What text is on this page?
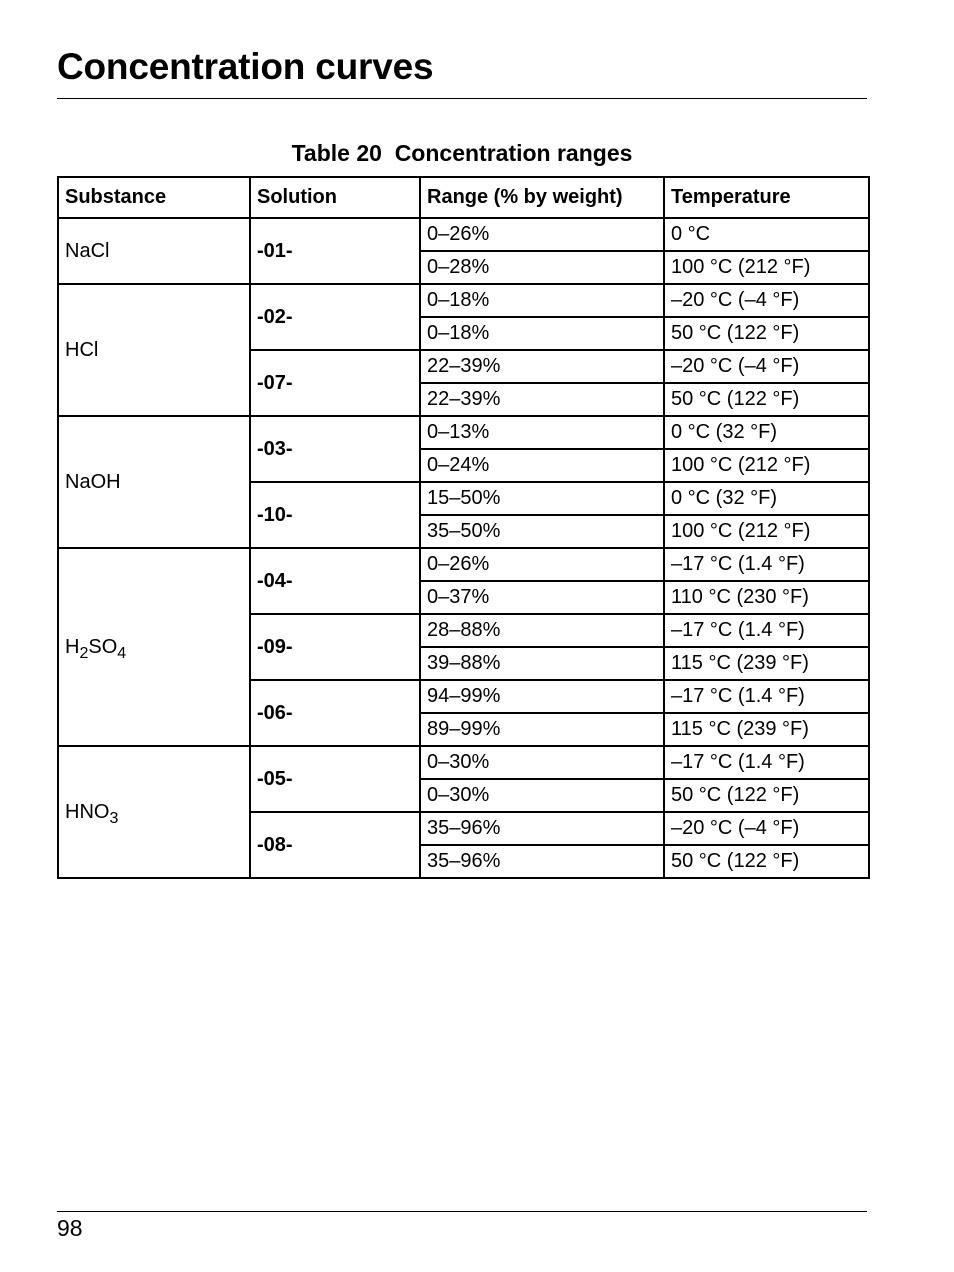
Concentration curves
Table 20  Concentration ranges
Substance	Solution	Range (% by weight)	Temperature
NaCl	-01-	0–26%	0 °C
		0–28%	100 °C (212 °F)
HCl	-02-	0–18%	–20 °C (–4 °F)
		0–18%	50 °C (122 °F)
	-07-	22–39%	–20 °C (–4 °F)
		22–39%	50 °C (122 °F)
NaOH	-03-	0–13%	0 °C (32 °F)
		0–24%	100 °C (212 °F)
	-10-	15–50%	0 °C (32 °F)
		35–50%	100 °C (212 °F)
$H_2SO_4$	-04-	0–26%	–17 °C (1.4 °F)
		0–37%	110 °C (230 °F)
	-09-	28–88%	–17 °C (1.4 °F)
		39–88%	115 °C (239 °F)
	-06-	94–99%	–17 °C (1.4 °F)
		89–99%	115 °C (239 °F)
$HNO_3$	-05-	0–30%	–17 °C (1.4 °F)
		0–30%	50 °C (122 °F)
	-08-	35–96%	–20 °C (–4 °F)
		35–96%	50 °C (122 °F)
98
